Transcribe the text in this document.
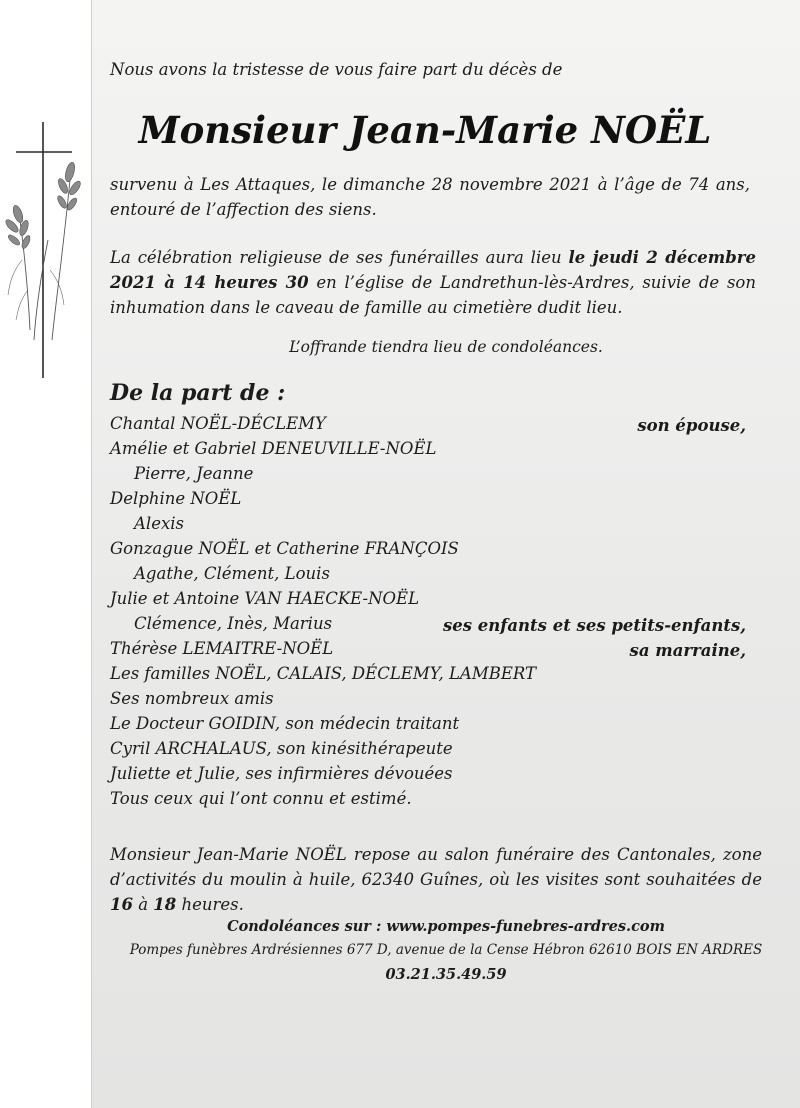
Nous avons la tristesse de vous faire part du décès de
Monsieur Jean-Marie NOËL
survenu à Les Attaques, le dimanche 28 novembre 2021 à l’âge de 74 ans, entouré de l’affection des siens.
La célébration religieuse de ses funérailles aura lieu le jeudi 2 décembre 2021 à 14 heures 30 en l’église de Landrethun-lès-Ardres, suivie de son inhumation dans le caveau de famille au cimetière dudit lieu.
L’offrande tiendra lieu de condoléances.
De la part de :
Chantal NOËL-DÉCLEMY
Amélie et Gabriel DENEUVILLE-NOËL
Pierre, Jeanne
Delphine NOËL
Alexis
Gonzague NOËL et Catherine FRANÇOIS
Agathe, Clément, Louis
Julie et Antoine VAN HAECKE-NOËL
Clémence, Inès, Marius
Thérèse LEMAITRE-NOËL
Les familles NOËL, CALAIS, DÉCLEMY, LAMBERT
Ses nombreux amis
Le Docteur GOIDIN, son médecin traitant
Cyril ARCHALAUS, son kinésithérapeute
Juliette et Julie, ses infirmières dévouées
Tous ceux qui l’ont connu et estimé.
son épouse,
ses enfants et ses petits-enfants,
sa marraine,
Monsieur Jean-Marie NOËL repose au salon funéraire des Cantonales, zone d’activités du moulin à huile, 62340 Guînes, où les visites sont souhaitées de 16 à 18 heures.
Condoléances sur : www.pompes-funebres-ardres.com
Pompes funèbres Ardrésiennes 677 D, avenue de la Cense Hébron 62610 BOIS EN ARDRES
03.21.35.49.59
